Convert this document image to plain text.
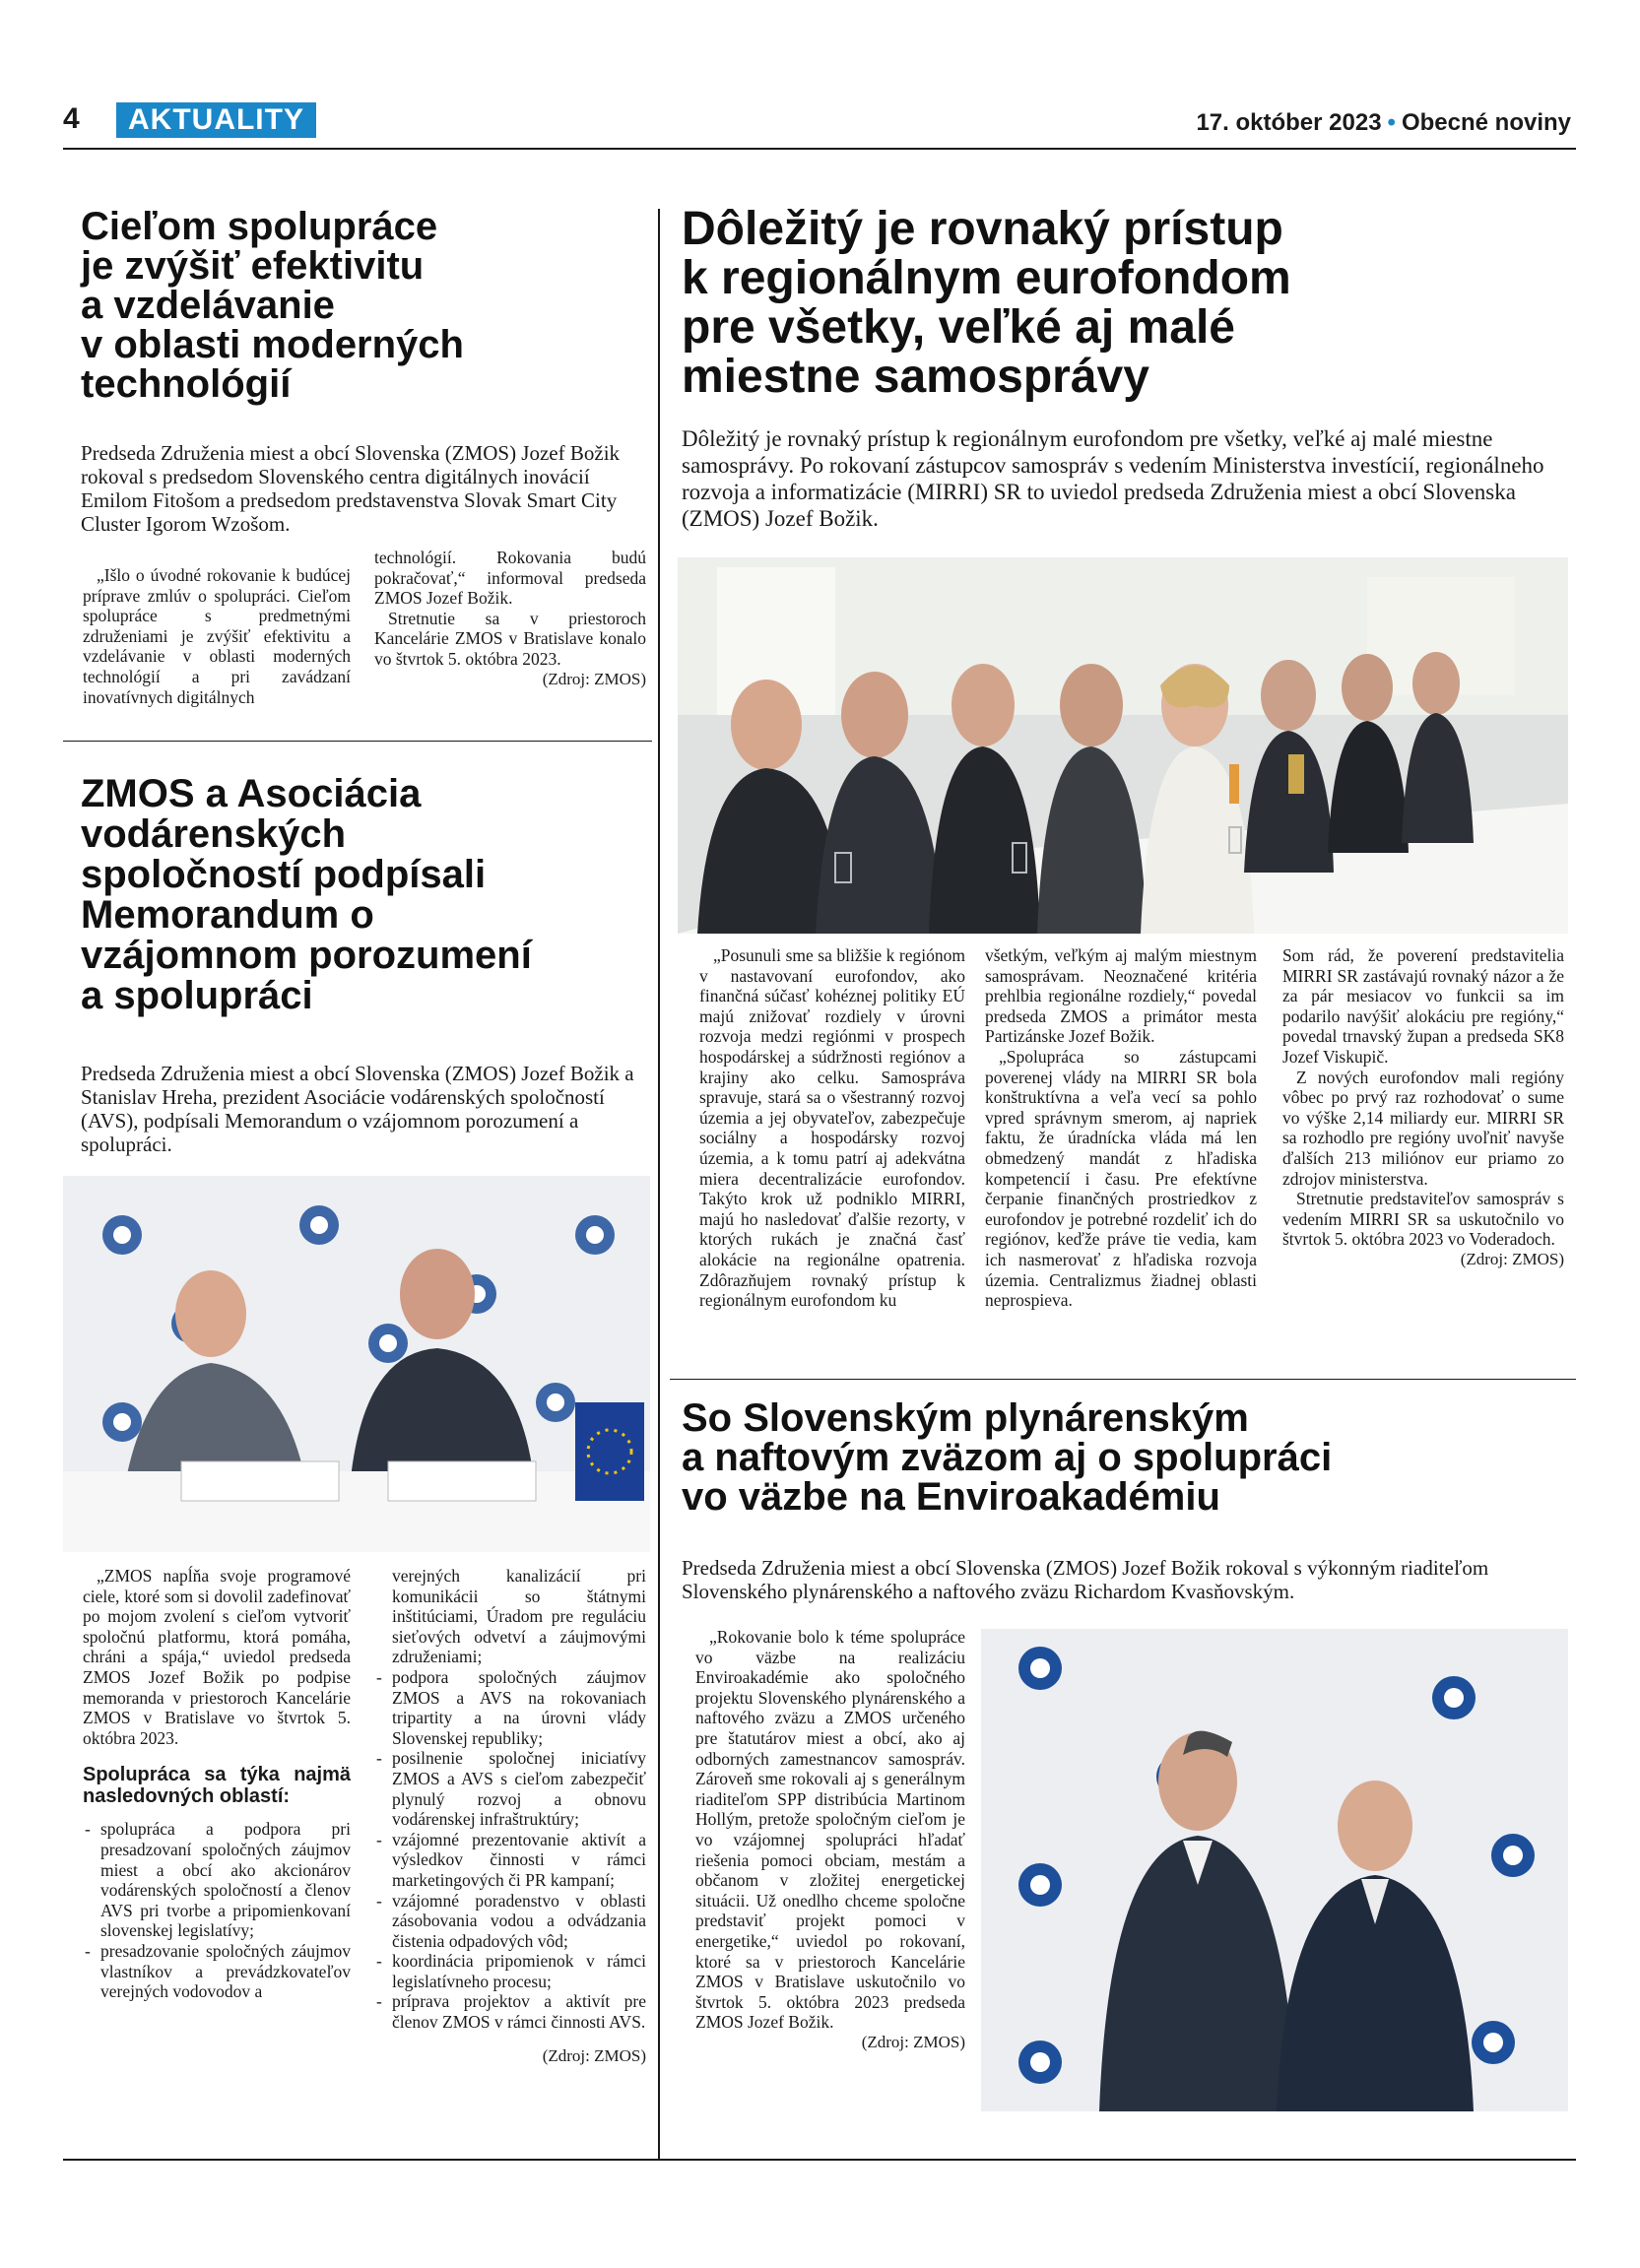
4	AKTUALITY	17. október 2023 • Obecné noviny
Cieľom spolupráce
je zvýšiť efektivitu
a vzdelávanie
v oblasti moderných
technológií
Predseda Združenia miest a obcí Slovenska (ZMOS) Jozef Božik rokoval s predsedom Slovenského centra digitálnych inovácií Emilom Fitošom a predsedom predstavenstva Slovak Smart City Cluster Igorom Wzošom.

„Išlo o úvodné rokovanie k budúcej príprave zmlúv o spolupráci. Cieľom spolupráce s predmetnými združeniami je zvýšiť efektivitu a vzdelávanie v oblasti moderných technológií a pri zavádzaní inovatívnych digitálnych

technológií. Rokovania budú pokračovať,“ informoval predseda ZMOS Jozef Božik.

Stretnutie sa v priestoroch Kancelárie ZMOS v Bratislave konalo vo štvrtok 5. októbra 2023.

(Zdroj: ZMOS)
ZMOS a Asociácia
vodárenských
spoločností podpísali
Memorandum o
vzájomnom porozumení
a spolupráci
Predseda Združenia miest a obcí Slovenska (ZMOS) Jozef Božik a Stanislav Hreha, prezident Asociácie vodárenských spoločností (AVS), podpísali Memorandum o vzájomnom porozumení a spolupráci.

„ZMOS napĺňa svoje programové ciele, ktoré som si dovolil zadefinovať po mojom zvolení s cieľom vytvoriť spoločnú platformu, ktorá pomáha, chráni a spája,“ uviedol predseda ZMOS Jozef Božik po podpise memoranda v priestoroch Kancelárie ZMOS v Bratislave vo štvrtok 5. októbra 2023.

Spolupráca sa týka najmä nasledovných oblastí:
- spolupráca a podpora pri presadzovaní spoločných záujmov miest a obcí ako akcionárov vodárenských spoločností a členov AVS pri tvorbe a pripomienkovaní slovenskej legislatívy;
- presadzovanie spoločných záujmov vlastníkov a prevádzkovateľov verejných vodovodov a

verejných kanalizácií pri komunikácii so štátnymi inštitúciami, Úradom pre reguláciu sieťových odvetví a záujmovými združeniami;

- podpora spoločných záujmov ZMOS a AVS na rokovaniach tripartity a na úrovni vlády Slovenskej republiky;
- posilnenie spoločnej iniciatívy ZMOS a AVS s cieľom zabezpečiť plynulý rozvoj a obnovu vodárenskej infraštruktúry;
- vzájomné prezentovanie aktivít a výsledkov činnosti v rámci marketingových či PR kampaní;
- vzájomné poradenstvo v oblasti zásobovania vodou a odvádzania čistenia odpadových vôd;
- koordinácia pripomienok v rámci legislatívneho procesu;
- príprava projektov a aktivít pre členov ZMOS v rámci činnosti AVS.
(Zdroj: ZMOS)
Dôležitý je rovnaký prístup
k regionálnym eurofondom
pre všetky, veľké aj malé
miestne samosprávy
Dôležitý je rovnaký prístup k regionálnym eurofondom pre všetky, veľké aj malé miestne samosprávy. Po rokovaní zástupcov samospráv s vedením Ministerstva investícií, regionálneho rozvoja a informatizácie (MIRRI) SR to uviedol predseda Združenia miest a obcí Slovenska (ZMOS) Jozef Božik.

„Posunuli sme sa bližšie k regiónom v nastavovaní eurofondov, ako finančná súčasť kohéznej politiky EÚ majú znižovať rozdiely v úrovni rozvoja medzi regiónmi v prospech hospodárskej a súdržnosti regiónov a krajiny ako celku. Samospráva spravuje, stará sa o všestranný rozvoj územia a jej obyvateľov, zabezpečuje sociálny a hospodársky rozvoj územia, a k tomu patrí aj adekvátna miera decentralizácie eurofondov. Takýto krok už podniklo MIRRI, majú ho nasledovať ďalšie rezorty, v ktorých rukách je značná časť alokácie na regionálne opatrenia. Zdôrazňujem rovnaký prístup k regionálnym eurofondom ku

všetkým, veľkým aj malým miestnym samosprávam. Neoznačené kritéria prehlbia regionálne rozdiely,“ povedal predseda ZMOS a primátor mesta Partizánske Jozef Božik.

„Spolupráca so zástupcami poverenej vlády na MIRRI SR bola konštruktívna a veľa vecí sa pohlo vpred správnym smerom, aj napriek faktu, že úradnícka vláda má len obmedzený mandát z hľadiska kompetencií i času. Pre efektívne čerpanie finančných prostriedkov z eurofondov je potrebné rozdeliť ich do regiónov, keďže práve tie vedia, kam ich nasmerovať z hľadiska rozvoja územia. Centralizmus žiadnej oblasti neprospieva.

Som rád, že poverení predstavitelia MIRRI SR zastávajú rovnaký názor a že za pár mesiacov vo funkcii sa im podarilo navýšiť alokáciu pre regióny,“ povedal trnavský župan a predseda SK8 Jozef Viskupič.

Z nových eurofondov mali regióny vôbec po prvý raz rozhodovať o sume vo výške 2,14 miliardy eur. MIRRI SR sa rozhodlo pre regióny uvoľniť navyše ďalších 213 miliónov eur priamo zo zdrojov ministerstva.

Stretnutie predstaviteľov samospráv s vedením MIRRI SR sa uskutočnilo vo štvrtok 5. októbra 2023 vo Voderadoch.

(Zdroj: ZMOS)
So Slovenským plynárenským
a naftovým zväzom aj o spolupráci
vo väzbe na Enviroakadémiu
Predseda Združenia miest a obcí Slovenska (ZMOS) Jozef Božik rokoval s výkonným riaditeľom Slovenského plynárenského a naftového zväzu Richardom Kvasňovským.

„Rokovanie bolo k téme spolupráce vo väzbe na realizáciu Enviroakadémie ako spoločného projektu Slovenského plynárenského a naftového zväzu a ZMOS určeného pre štatutárov miest a obcí, ako aj odborných zamestnancov samospráv. Zároveň sme rokovali aj s generálnym riaditeľom SPP distribúcia Martinom Hollým, pretože spoločným cieľom je vo vzájomnej spolupráci hľadať riešenia pomoci obciam, mestám a občanom v zložitej energetickej situácii. Už onedlho chceme spoločne predstaviť projekt pomoci v energetike,“ uviedol po rokovaní, ktoré sa v priestoroch Kancelárie ZMOS v Bratislave uskutočnilo vo štvrtok 5. októbra 2023 predseda ZMOS Jozef Božik.

(Zdroj: ZMOS)
